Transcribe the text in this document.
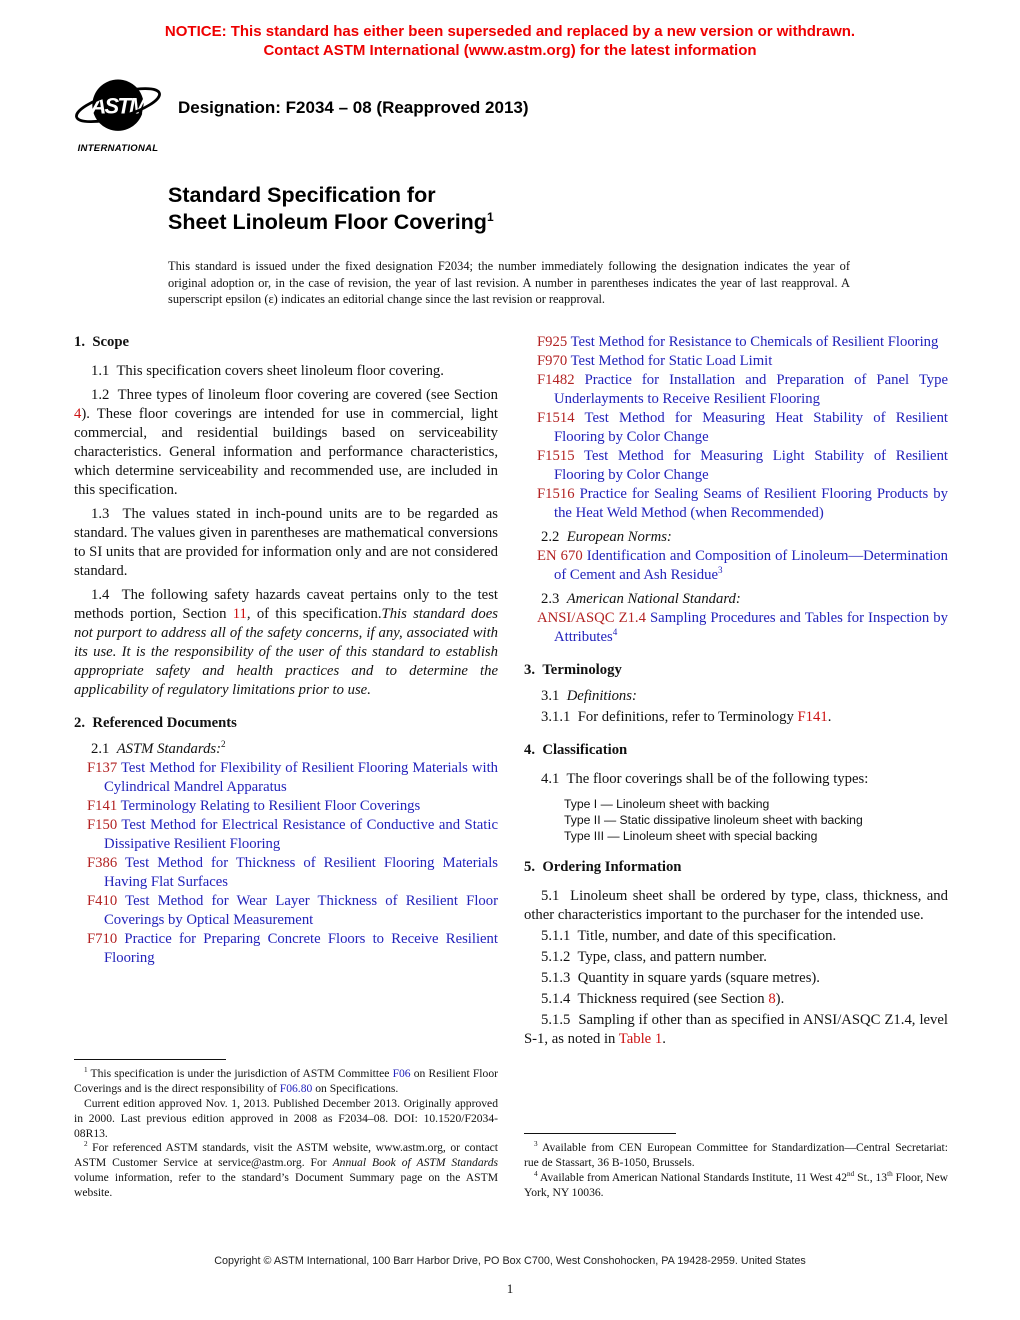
NOTICE: This standard has either been superseded and replaced by a new version or withdrawn.
Contact ASTM International (www.astm.org) for the latest information
ASTM
INTERNATIONAL
Designation: F2034 – 08 (Reapproved 2013)
Standard Specification for
Sheet Linoleum Floor Covering$^1$
This standard is issued under the fixed designation F2034; the number immediately following the designation indicates the year of original adoption or, in the case of revision, the year of last revision. A number in parentheses indicates the year of last reapproval. A superscript epsilon (ε) indicates an editorial change since the last revision or reapproval.
1.  Scope
1.1  This specification covers sheet linoleum floor covering.
1.2  Three types of linoleum floor covering are covered (see Section 4). These floor coverings are intended for use in commercial, light commercial, and residential buildings based on serviceability characteristics. General information and performance characteristics, which determine serviceability and recommended use, are included in this specification.
1.3  The values stated in inch-pound units are to be regarded as standard. The values given in parentheses are mathematical conversions to SI units that are provided for information only and are not considered standard.
1.4  The following safety hazards caveat pertains only to the test methods portion, Section 11, of this specification.This standard does not purport to address all of the safety concerns, if any, associated with its use. It is the responsibility of the user of this standard to establish appropriate safety and health practices and to determine the applicability of regulatory limitations prior to use.
2.  Referenced Documents
2.1  ASTM Standards:$^2$
F137 Test Method for Flexibility of Resilient Flooring Materials with Cylindrical Mandrel Apparatus
F141 Terminology Relating to Resilient Floor Coverings
F150 Test Method for Electrical Resistance of Conductive and Static Dissipative Resilient Flooring
F386 Test Method for Thickness of Resilient Flooring Materials Having Flat Surfaces
F410 Test Method for Wear Layer Thickness of Resilient Floor Coverings by Optical Measurement
F710 Practice for Preparing Concrete Floors to Receive Resilient Flooring
$^1$ This specification is under the jurisdiction of ASTM Committee F06 on Resilient Floor Coverings and is the direct responsibility of F06.80 on Specifications.
Current edition approved Nov. 1, 2013. Published December 2013. Originally approved in 2000. Last previous edition approved in 2008 as F2034–08. DOI: 10.1520/F2034-08R13.
$^2$ For referenced ASTM standards, visit the ASTM website, www.astm.org, or contact ASTM Customer Service at service@astm.org. For Annual Book of ASTM Standards volume information, refer to the standard’s Document Summary page on the ASTM website.
F925 Test Method for Resistance to Chemicals of Resilient Flooring
F970 Test Method for Static Load Limit
F1482 Practice for Installation and Preparation of Panel Type Underlayments to Receive Resilient Flooring
F1514 Test Method for Measuring Heat Stability of Resilient Flooring by Color Change
F1515 Test Method for Measuring Light Stability of Resilient Flooring by Color Change
F1516 Practice for Sealing Seams of Resilient Flooring Products by the Heat Weld Method (when Recommended)
2.2  European Norms:
EN 670 Identification and Composition of Linoleum—Determination of Cement and Ash Residue$^3$
2.3  American National Standard:
ANSI/ASQC Z1.4 Sampling Procedures and Tables for Inspection by Attributes$^4$
3.  Terminology
3.1  Definitions:
3.1.1  For definitions, refer to Terminology F141.
4.  Classification
4.1  The floor coverings shall be of the following types:
Type I — Linoleum sheet with backing
Type II — Static dissipative linoleum sheet with backing
Type III — Linoleum sheet with special backing
5.  Ordering Information
5.1  Linoleum sheet shall be ordered by type, class, thickness, and other characteristics important to the purchaser for the intended use.
5.1.1  Title, number, and date of this specification.
5.1.2  Type, class, and pattern number.
5.1.3  Quantity in square yards (square metres).
5.1.4  Thickness required (see Section 8).
5.1.5  Sampling if other than as specified in ANSI/ASQC Z1.4, level S-1, as noted in Table 1.
$^3$ Available from CEN European Committee for Standardization—Central Secretariat: rue de Stassart, 36 B-1050, Brussels.
$^4$ Available from American National Standards Institute, 11 West 42nd St., 13th Floor, New York, NY 10036.
Copyright © ASTM International, 100 Barr Harbor Drive, PO Box C700, West Conshohocken, PA 19428-2959. United States
1
